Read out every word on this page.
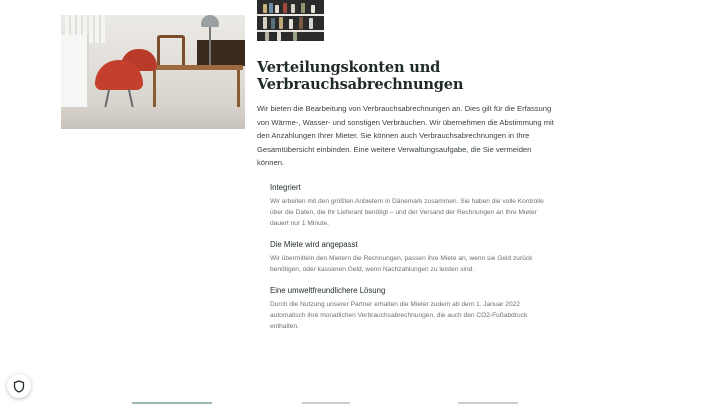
Verteilungskonten und Verbrauchsabrechnungen

Wir bieten die Bearbeitung von Verbrauchsabrechnungen an. Dies gilt für die Erfassung von Wärme-, Wasser- und sonstigen Verbräuchen. Wir übernehmen die Abstimmung mit den Anzahlungen Ihrer Mieter. Sie können auch Verbrauchsabrechnungen in Ihre Gesamtübersicht einbinden. Eine weitere Verwaltungsaufgabe, die Sie vermeiden können.

Integriert

Wir arbeiten mit den größten Anbietern in Dänemark zusammen. Sie haben die volle Kontrolle über die Daten, die Ihr Lieferant benötigt – und der Versand der Rechnungen an Ihre Mieter dauert nur 1 Minute.

Die Miete wird angepasst

Wir übermitteln den Mietern die Rechnungen, passen ihre Miete an, wenn sie Geld zurück benötigen, oder kassieren Geld, wenn Nachzahlungen zu leisten sind.

Eine umweltfreundlichere Lösung

Durch die Nutzung unserer Partner erhalten die Mieter zudem ab dem 1. Januar 2022 automatisch ihre monatlichen Verbrauchsabrechnungen, die auch den CO2-Fußabdruck enthalten.
